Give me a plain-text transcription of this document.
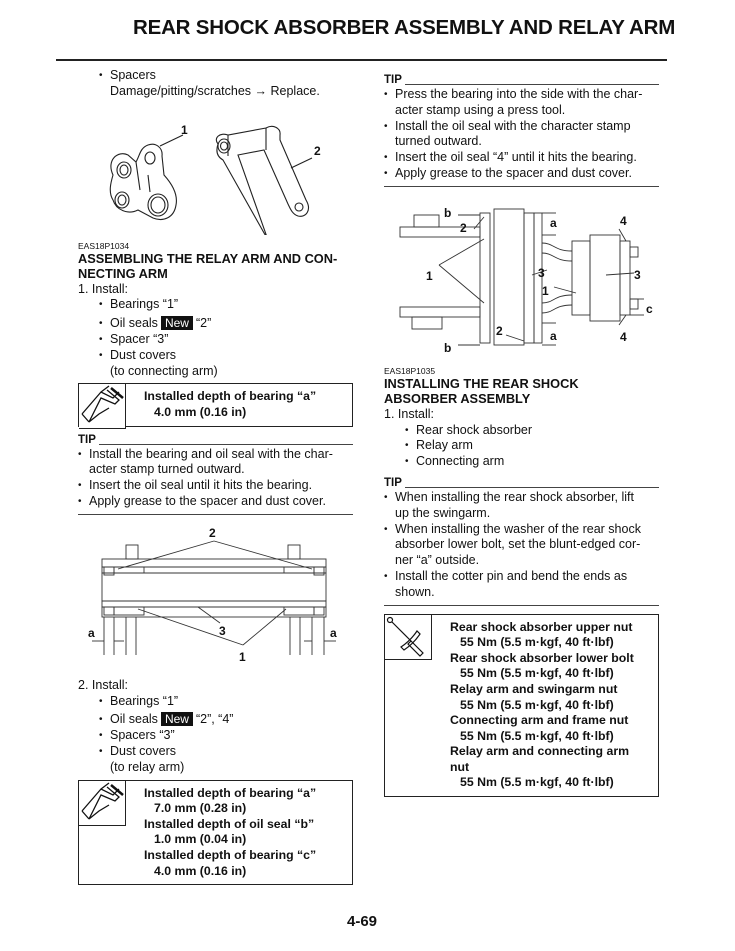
REAR SHOCK ABSORBER ASSEMBLY AND RELAY ARM
• Spacers
Damage/pitting/scratches → Replace.
1
2
EAS18P1034
ASSEMBLING THE RELAY ARM AND CON-
NECTING ARM
1. Install:
• Bearings “1”
• Oil seals New “2”
• Spacer “3”
• Dust covers
(to connecting arm)
Installed depth of bearing “a”
4.0 mm (0.16 in)
TIP
• Install the bearing and oil seal with the char-
acter stamp turned outward.
• Insert the oil seal until it hits the bearing.
• Apply grease to the spacer and dust cover.
2
3
1
a	a
2. Install:
• Bearings “1”
• Oil seals New “2”, “4”
• Spacers “3”
• Dust covers
(to relay arm)
Installed depth of bearing “a”
7.0 mm (0.28 in)
Installed depth of oil seal “b”
1.0 mm (0.04 in)
Installed depth of bearing “c”
4.0 mm (0.16 in)
TIP
• Press the bearing into the side with the char-
acter stamp using a press tool.
• Install the oil seal with the character stamp
turned outward.
• Insert the oil seal “4” until it hits the bearing.
• Apply grease to the spacer and dust cover.
b
2	a	4
1	3	3
1
c
2
b
a	4
EAS18P1035
INSTALLING THE REAR SHOCK
ABSORBER ASSEMBLY
1. Install:
• Rear shock absorber
• Relay arm
• Connecting arm
TIP
• When installing the rear shock absorber, lift
up the swingarm.
• When installing the washer of the rear shock
absorber lower bolt, set the blunt-edged cor-
ner “a” outside.
• Install the cotter pin and bend the ends as
shown.
Rear shock absorber upper nut
55 Nm (5.5 m·kgf, 40 ft·lbf)
Rear shock absorber lower bolt
55 Nm (5.5 m·kgf, 40 ft·lbf)
Relay arm and swingarm nut
55 Nm (5.5 m·kgf, 40 ft·lbf)
Connecting arm and frame nut
55 Nm (5.5 m·kgf, 40 ft·lbf)
Relay arm and connecting arm
nut
55 Nm (5.5 m·kgf, 40 ft·lbf)
4-69
